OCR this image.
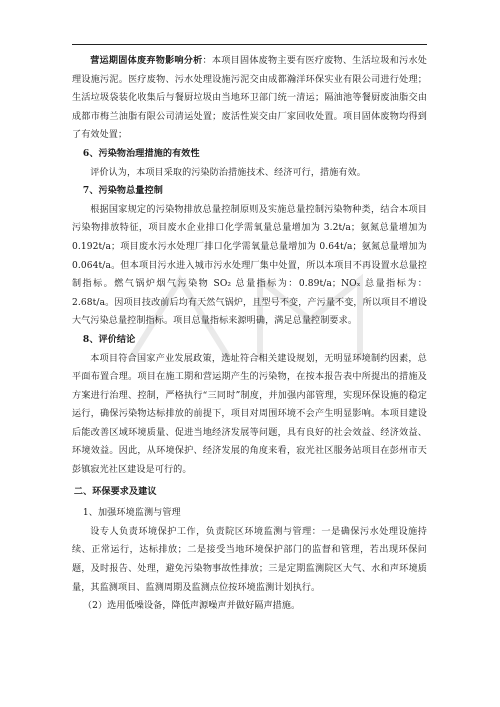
营运期固体废弃物影响分析：本项目固体废物主要有医疗废物、生活垃圾和污水处理设施污泥。医疗废物、污水处理设施污泥交由成都瀚洋环保实业有限公司进行处理；生活垃圾袋装化收集后与餐厨垃圾由当地环卫部门统一清运；隔油池等餐厨废油脂交由成都市梅兰油脂有限公司清运处置；废活性炭交由厂家回收处置。项目固体废物均得到了有效处置；

6、污染物治理措施的有效性

评价认为，本项目采取的污染防治措施技术、经济可行，措施有效。

7、污染物总量控制

根据国家规定的污染物排放总量控制原则及实施总量控制污染物种类，结合本项目污染物排放特征，项目废水企业排口化学需氧量总量增加为 3.2t/a；氨氮总量增加为 0.192t/a；项目废水污水处理厂排口化学需氧量总量增加为 0.64t/a；氨氮总量增加为 0.064t/a。但本项目污水进入城市污水处理厂集中处置，所以本项目不再设置水总量控制指标。燃气锅炉烟气污染物 SO₂ 总量指标为：0.89t/a；NOₓ 总量指标为：2.68t/a。因项目技改前后均有天然气锅炉，且型号不变，产污量不变，所以项目不增设大气污染总量控制指标。项目总量指标来源明确，满足总量控制要求。

8、评价结论

本项目符合国家产业发展政策，选址符合相关建设规划，无明显环境制约因素，总平面布置合理。项目在施工期和营运期产生的污染物，在按本报告表中所提出的措施及方案进行治理、控制，严格执行“三同时”制度，并加强内部管理，实现环保设施的稳定运行，确保污染物达标排放的前提下，项目对周围环境不会产生明显影响。本项目建设后能改善区域环境质量、促进当地经济发展等问题，具有良好的社会效益、经济效益、环境效益。因此，从环境保护、经济发展的角度来看，寂光社区服务站项目在彭州市天彭镇寂光社区建设是可行的。

二、环保要求及建议

1、加强环境监测与管理

设专人负责环境保护工作，负责院区环境监测与管理：一是确保污水处理设施持续、正常运行，达标排放；二是接受当地环境保护部门的监督和管理，若出现环保问题，及时报告、处理，避免污染物事故性排放；三是定期监测院区大气、水和声环境质量，其监测项目、监测周期及监测点位按环境监测计划执行。

（2）选用低噪设备，降低声源噪声并做好隔声措施。
